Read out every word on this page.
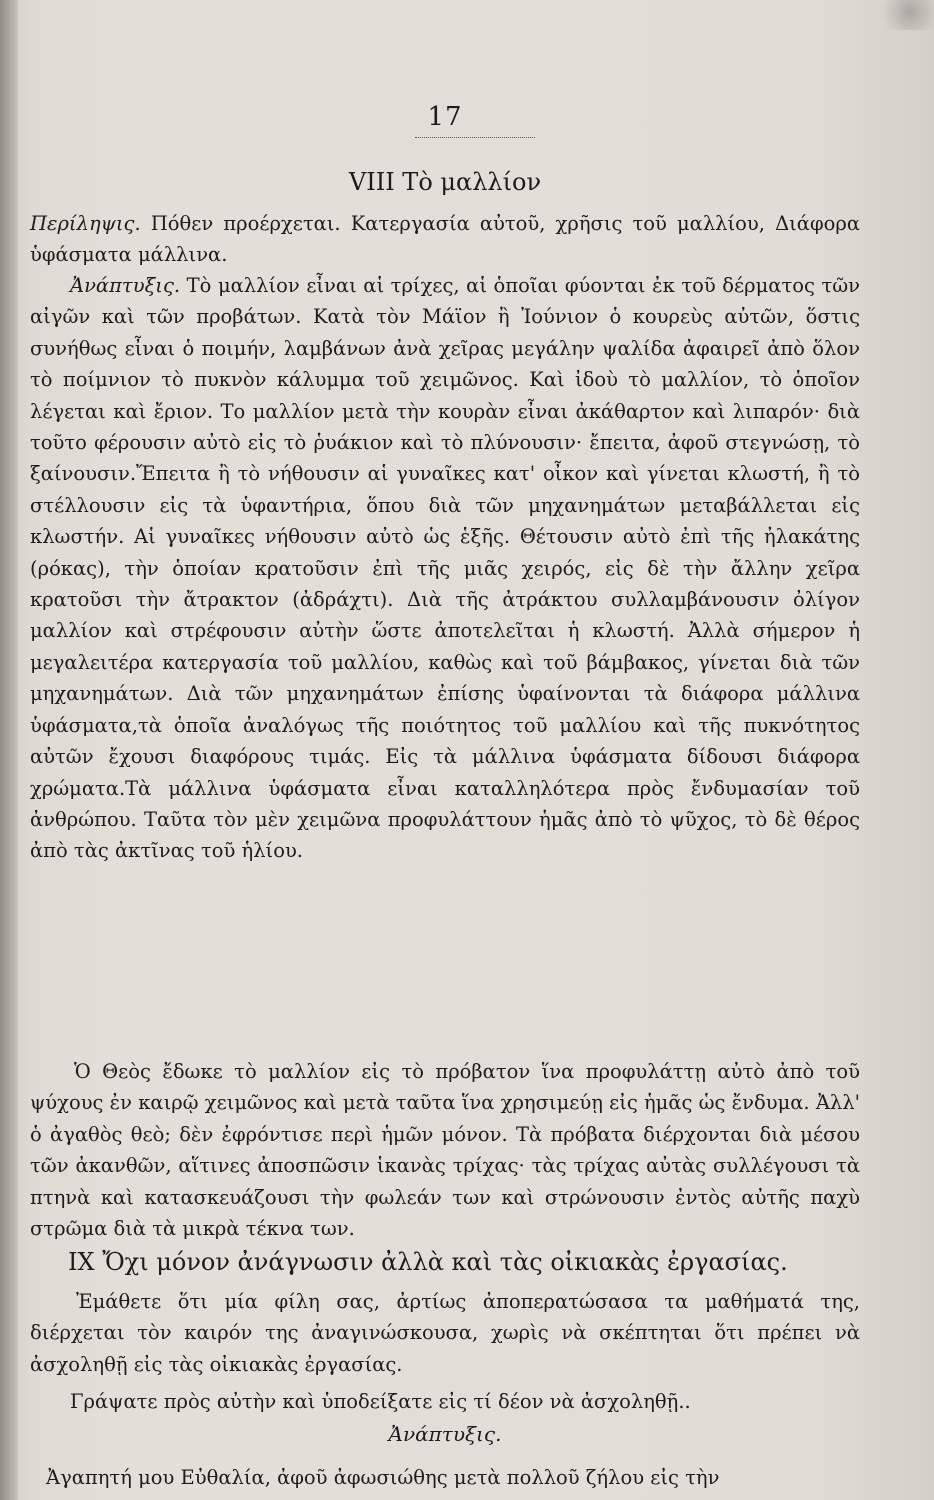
17
VIII Τὸ μαλλίον
Περίληψις. Πόθεν προέρχεται. Κατεργασία αὐτοῦ, χρῆσις τοῦ μαλλίου, Διάφορα ὑφάσματα μάλλινα.
Ἀνάπτυξις. Τὸ μαλλίον εἶναι αἱ τρίχες, αἱ ὁποῖαι φύονται ἐκ τοῦ δέρματος τῶν αἰγῶν καὶ τῶν προβάτων. Κατὰ τὸν Μάϊον ἢ Ἰούνιον ὁ κουρεὺς αὐτῶν, ὅστις συνήθως εἶναι ὁ ποιμήν, λαμβάνων ἀνὰ χεῖρας μεγάλην ψαλίδα ἀφαιρεῖ ἀπὸ ὅλον τὸ ποίμνιον τὸ πυκνὸν κάλυμμα τοῦ χειμῶνος. Καὶ ἰδοὺ τὸ μαλλίον, τὸ ὁποῖον λέγεται καὶ ἔριον. Το μαλλίον μετὰ τὴν κουρὰν εἶναι ἀκάθαρτον καὶ λιπαρόν· διὰ τοῦτο φέρουσιν αὐτὸ εἰς τὸ ῥυάκιον καὶ τὸ πλύνουσιν· ἔπειτα, ἀφοῦ στεγνώσῃ, τὸ ξαίνουσιν.Ἔπειτα ἢ τὸ νήθουσιν αἱ γυναῖκες κατ' οἶκον καὶ γίνεται κλωστή, ἢ τὸ στέλλουσιν εἰς τὰ ὑφαντήρια, ὅπου διὰ τῶν μηχανημάτων μεταβάλλεται εἰς κλωστήν. Αἱ γυναῖκες νήθουσιν αὐτὸ ὡς ἑξῆς. Θέτουσιν αὐτὸ ἐπὶ τῆς ἠλακάτης (ρόκας), τὴν ὁποίαν κρατοῦσιν ἐπὶ τῆς μιᾶς χειρός, εἰς δὲ τὴν ἄλλην χεῖρα κρατοῦσι τὴν ἄτρακτον (ἀδράχτι). Διὰ τῆς ἀτράκτου συλλαμβάνουσιν ὀλίγον μαλλίον καὶ στρέφουσιν αὐτὴν ὥστε ἀποτελεῖται ἡ κλωστή. Ἀλλὰ σήμερον ἡ μεγαλειτέρα κατεργασία τοῦ μαλλίου, καθὼς καὶ τοῦ βάμβακος, γίνεται διὰ τῶν μηχανημάτων. Διὰ τῶν μηχανημάτων ἐπίσης ὑφαίνονται τὰ διάφορα μάλλινα ὑφάσματα,τὰ ὁποῖα ἀναλόγως τῆς ποιότητος τοῦ μαλλίου καὶ τῆς πυκνότητος αὐτῶν ἔχουσι διαφόρους τιμάς. Εἰς τὰ μάλλινα ὑφάσματα δίδουσι διάφορα χρώματα.Τὰ μάλλινα ὑφάσματα εἶναι καταλληλότερα πρὸς ἔνδυμασίαν τοῦ ἀνθρώπου. Ταῦτα τὸν μὲν χειμῶνα προφυλάττουν ἡμᾶς ἀπὸ τὸ ψῦχος, τὸ δὲ θέρος ἀπὸ τὰς ἀκτῖνας τοῦ ἡλίου.
Ὁ Θεὸς ἔδωκε τὸ μαλλίον εἰς τὸ πρόβατον ἵνα προφυλάττῃ αὐτὸ ἀπὸ τοῦ ψύχους ἐν καιρῷ χειμῶνος καὶ μετὰ ταῦτα ἵνα χρησιμεύῃ εἰς ἡμᾶς ὡς ἔνδυμα. Ἀλλ' ὁ ἀγαθὸς θεὸ; δὲν ἐφρόντισε περὶ ἡμῶν μόνον. Τὰ πρόβατα διέρχονται διὰ μέσου τῶν ἀκανθῶν, αἵτινες ἀποσπῶσιν ἱκανὰς τρίχας· τὰς τρίχας αὐτὰς συλλέγουσι τὰ πτηνὰ καὶ κατασκευάζουσι τὴν φωλεάν των καὶ στρώνουσιν ἐντὸς αὐτῆς παχὺ στρῶμα διὰ τὰ μικρὰ τέκνα των.
IX Ὄχι μόνον ἀνάγνωσιν ἀλλὰ καὶ τὰς οἰκιακὰς ἐργασίας.
Ἐμάθετε ὅτι μία φίλη σας, ἀρτίως ἀποπερατώσασα τα μαθήματά της, διέρχεται τὸν καιρόν της ἀναγινώσκουσα, χωρὶς νὰ σκέπτηται ὅτι πρέπει νὰ ἀσχοληθῇ εἰς τὰς οἰκιακὰς ἐργασίας.
Γράψατε πρὸς αὐτὴν καὶ ὑποδείξατε εἰς τί δέον νὰ ἀσχοληθῇ..
Ἀνάπτυξις.
Ἀγαπητή μου Εὐθαλία, ἀφοῦ ἀφωσιώθης μετὰ πολλοῦ ζήλου εἰς τὴν
